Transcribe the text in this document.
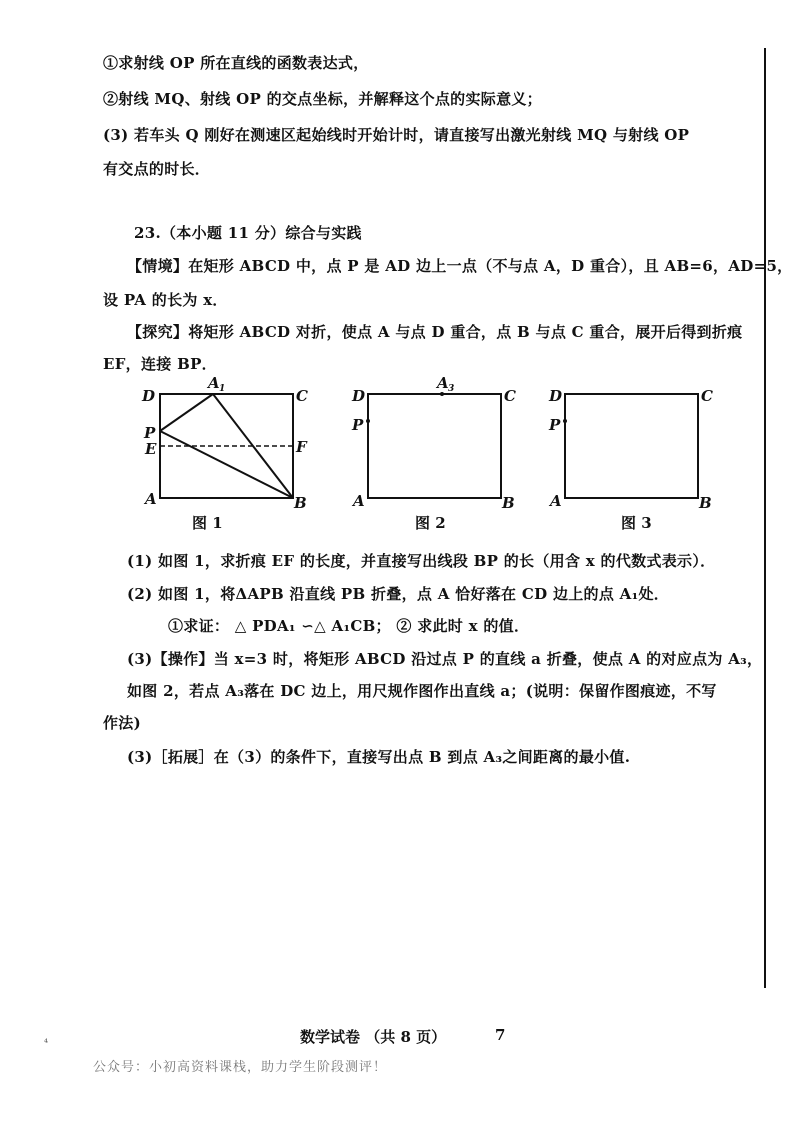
①求射线 OP 所在直线的函数表达式，
②射线 MQ、射线 OP 的交点坐标，并解释这个点的实际意义；
(3) 若车头 Q 刚好在测速区起始线时开始计时，请直接写出激光射线 MQ 与射线 OP
有交点的时长．
23.（本小题 11 分）综合与实践
【情境】在矩形 ABCD 中，点 P 是 AD 边上一点（不与点 A，D 重合），且 AB=6，AD=5，
设 PA 的长为 x．
【探究】将矩形 ABCD 对折，使点 A 与点 D 重合，点 B 与点 C 重合，展开后得到折痕
EF，连接 BP．
D
A 1	C
P
E	F
A	B
图 1
D
A 3	C
P
A	B
图 2
D	C
P
A	B
图 3
(1) 如图 1，求折痕 EF 的长度，并直接写出线段 BP 的长（用含 x 的代数式表示）．
(2) 如图 1，将ΔAPB 沿直线 PB 折叠，点 A 恰好落在 CD 边上的点 A₁处．
①求证： △ PDA₁ ∽△ A₁CB； ② 求此时 x 的值．
(3)【操作】当 x=3 时，将矩形 ABCD 沿过点 P 的直线 a 折叠，使点 A 的对应点为 A₃，
如图 2，若点 A₃落在 DC 边上，用尺规作图作出直线 a；(说明：保留作图痕迹，不写
作法)
(3)［拓展］在（3）的条件下，直接写出点 B 到点 A₃之间距离的最小值.
⁴	数学试卷 （共 8 页）	7
公众号：小初高资料课栈，助力学生阶段测评！
